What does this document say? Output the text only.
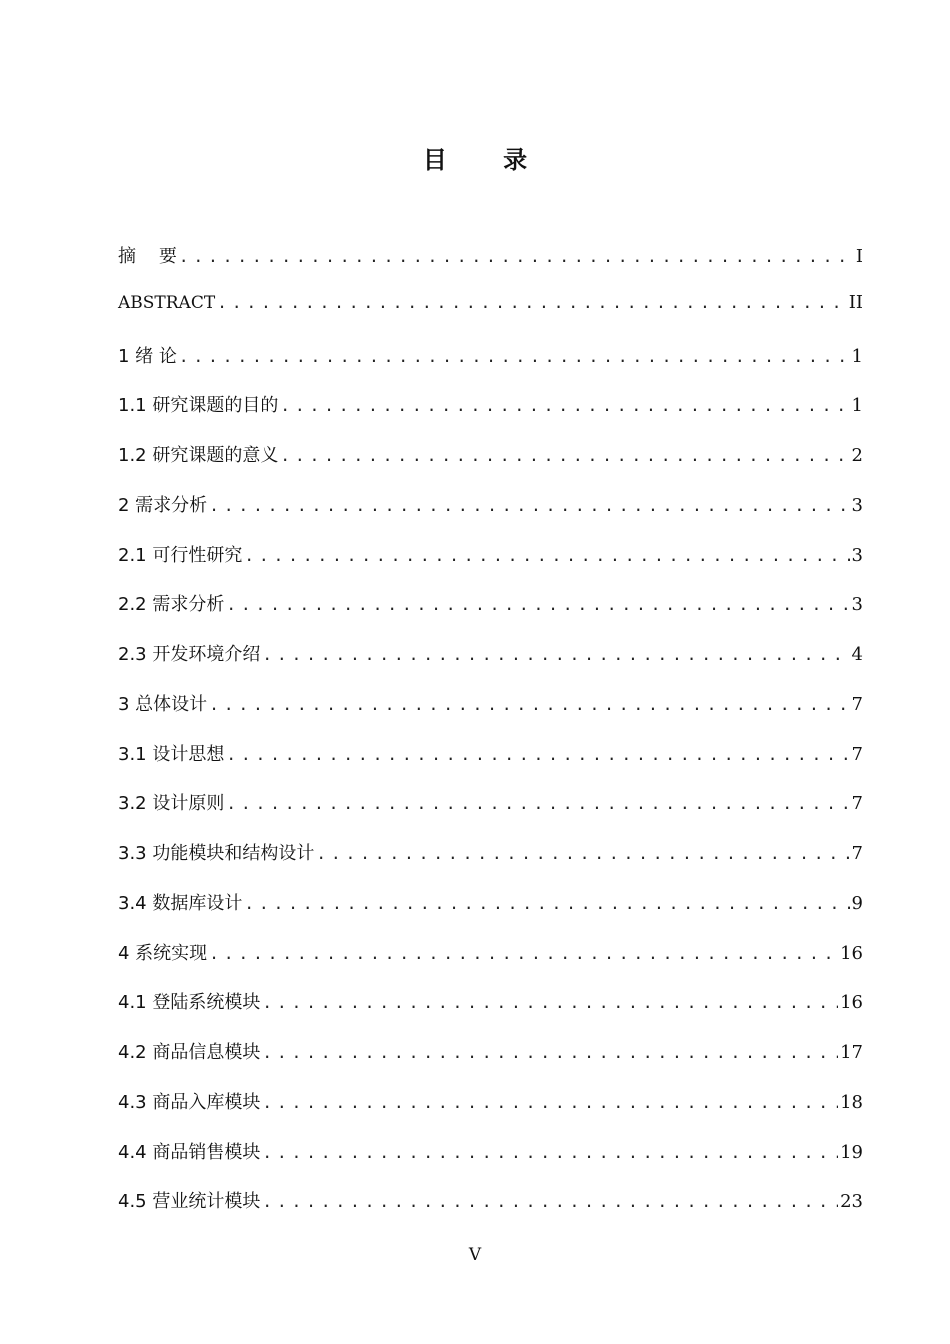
目 录
摘    要 .....	I
ABSTRACT .....	II
1 绪 论 .....	1
1.1 研究课题的目的 .....	1
1.2 研究课题的意义 .....	2
2 需求分析 .....	3
2.1 可行性研究 .....	3
2.2 需求分析 .....	3
2.3 开发环境介绍 .....	4
3 总体设计 .....	7
3.1 设计思想 .....	7
3.2 设计原则 .....	7
3.3 功能模块和结构设计 .....	7
3.4 数据库设计 .....	9
4 系统实现 .....	16
4.1 登陆系统模块 .....	16
4.2 商品信息模块 .....	17
4.3 商品入库模块 .....	18
4.4 商品销售模块 .....	19
4.5 营业统计模块 .....	23
V
